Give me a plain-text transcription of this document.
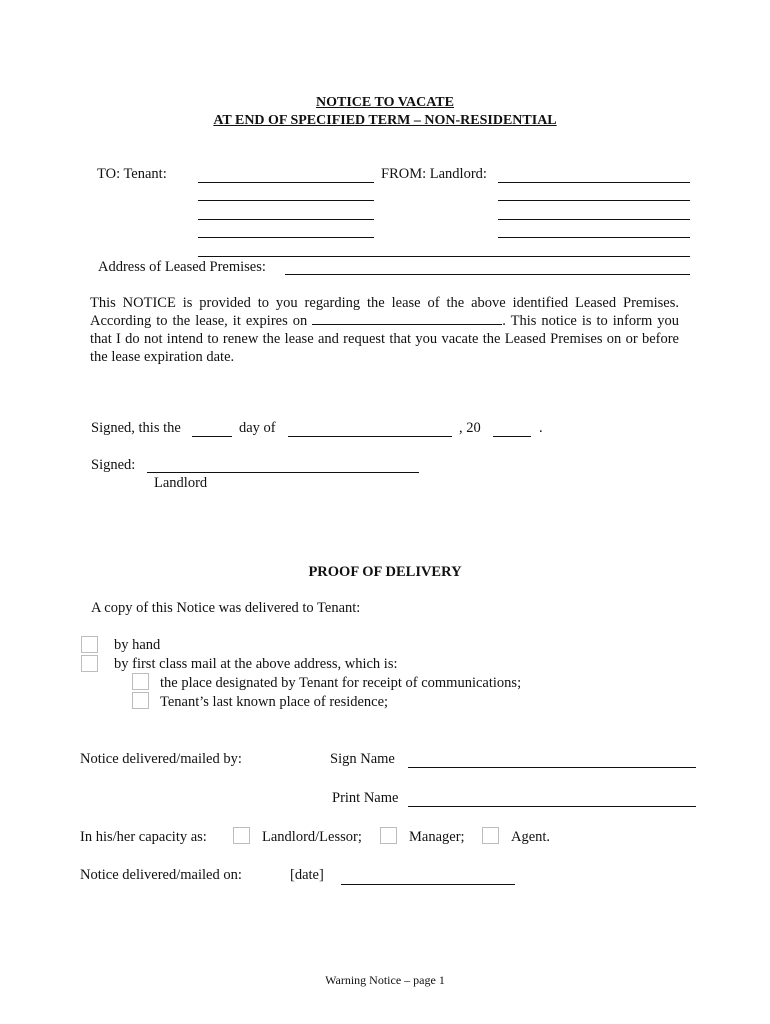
NOTICE TO VACATE
AT END OF SPECIFIED TERM – NON-RESIDENTIAL
TO: Tenant:	FROM: Landlord:
Address of Leased Premises:
This NOTICE is provided to you regarding the lease of the above identified Leased Premises. According to the lease, it expires on	. This notice is to inform you that I do not intend to renew the lease and request that you vacate the Leased Premises on or before the lease expiration date.
Signed, this the	day of	, 20	.
Signed:
Landlord
PROOF OF DELIVERY
A copy of this Notice was delivered to Tenant:
by hand
by first class mail at the above address, which is:
the place designated by Tenant for receipt of communications;
Tenant’s last known place of residence;
Notice delivered/mailed by:	Sign Name
Print Name
In his/her capacity as:	Landlord/Lessor;	Manager;	Agent.
Notice delivered/mailed on:	[date]
Warning Notice – page 1
